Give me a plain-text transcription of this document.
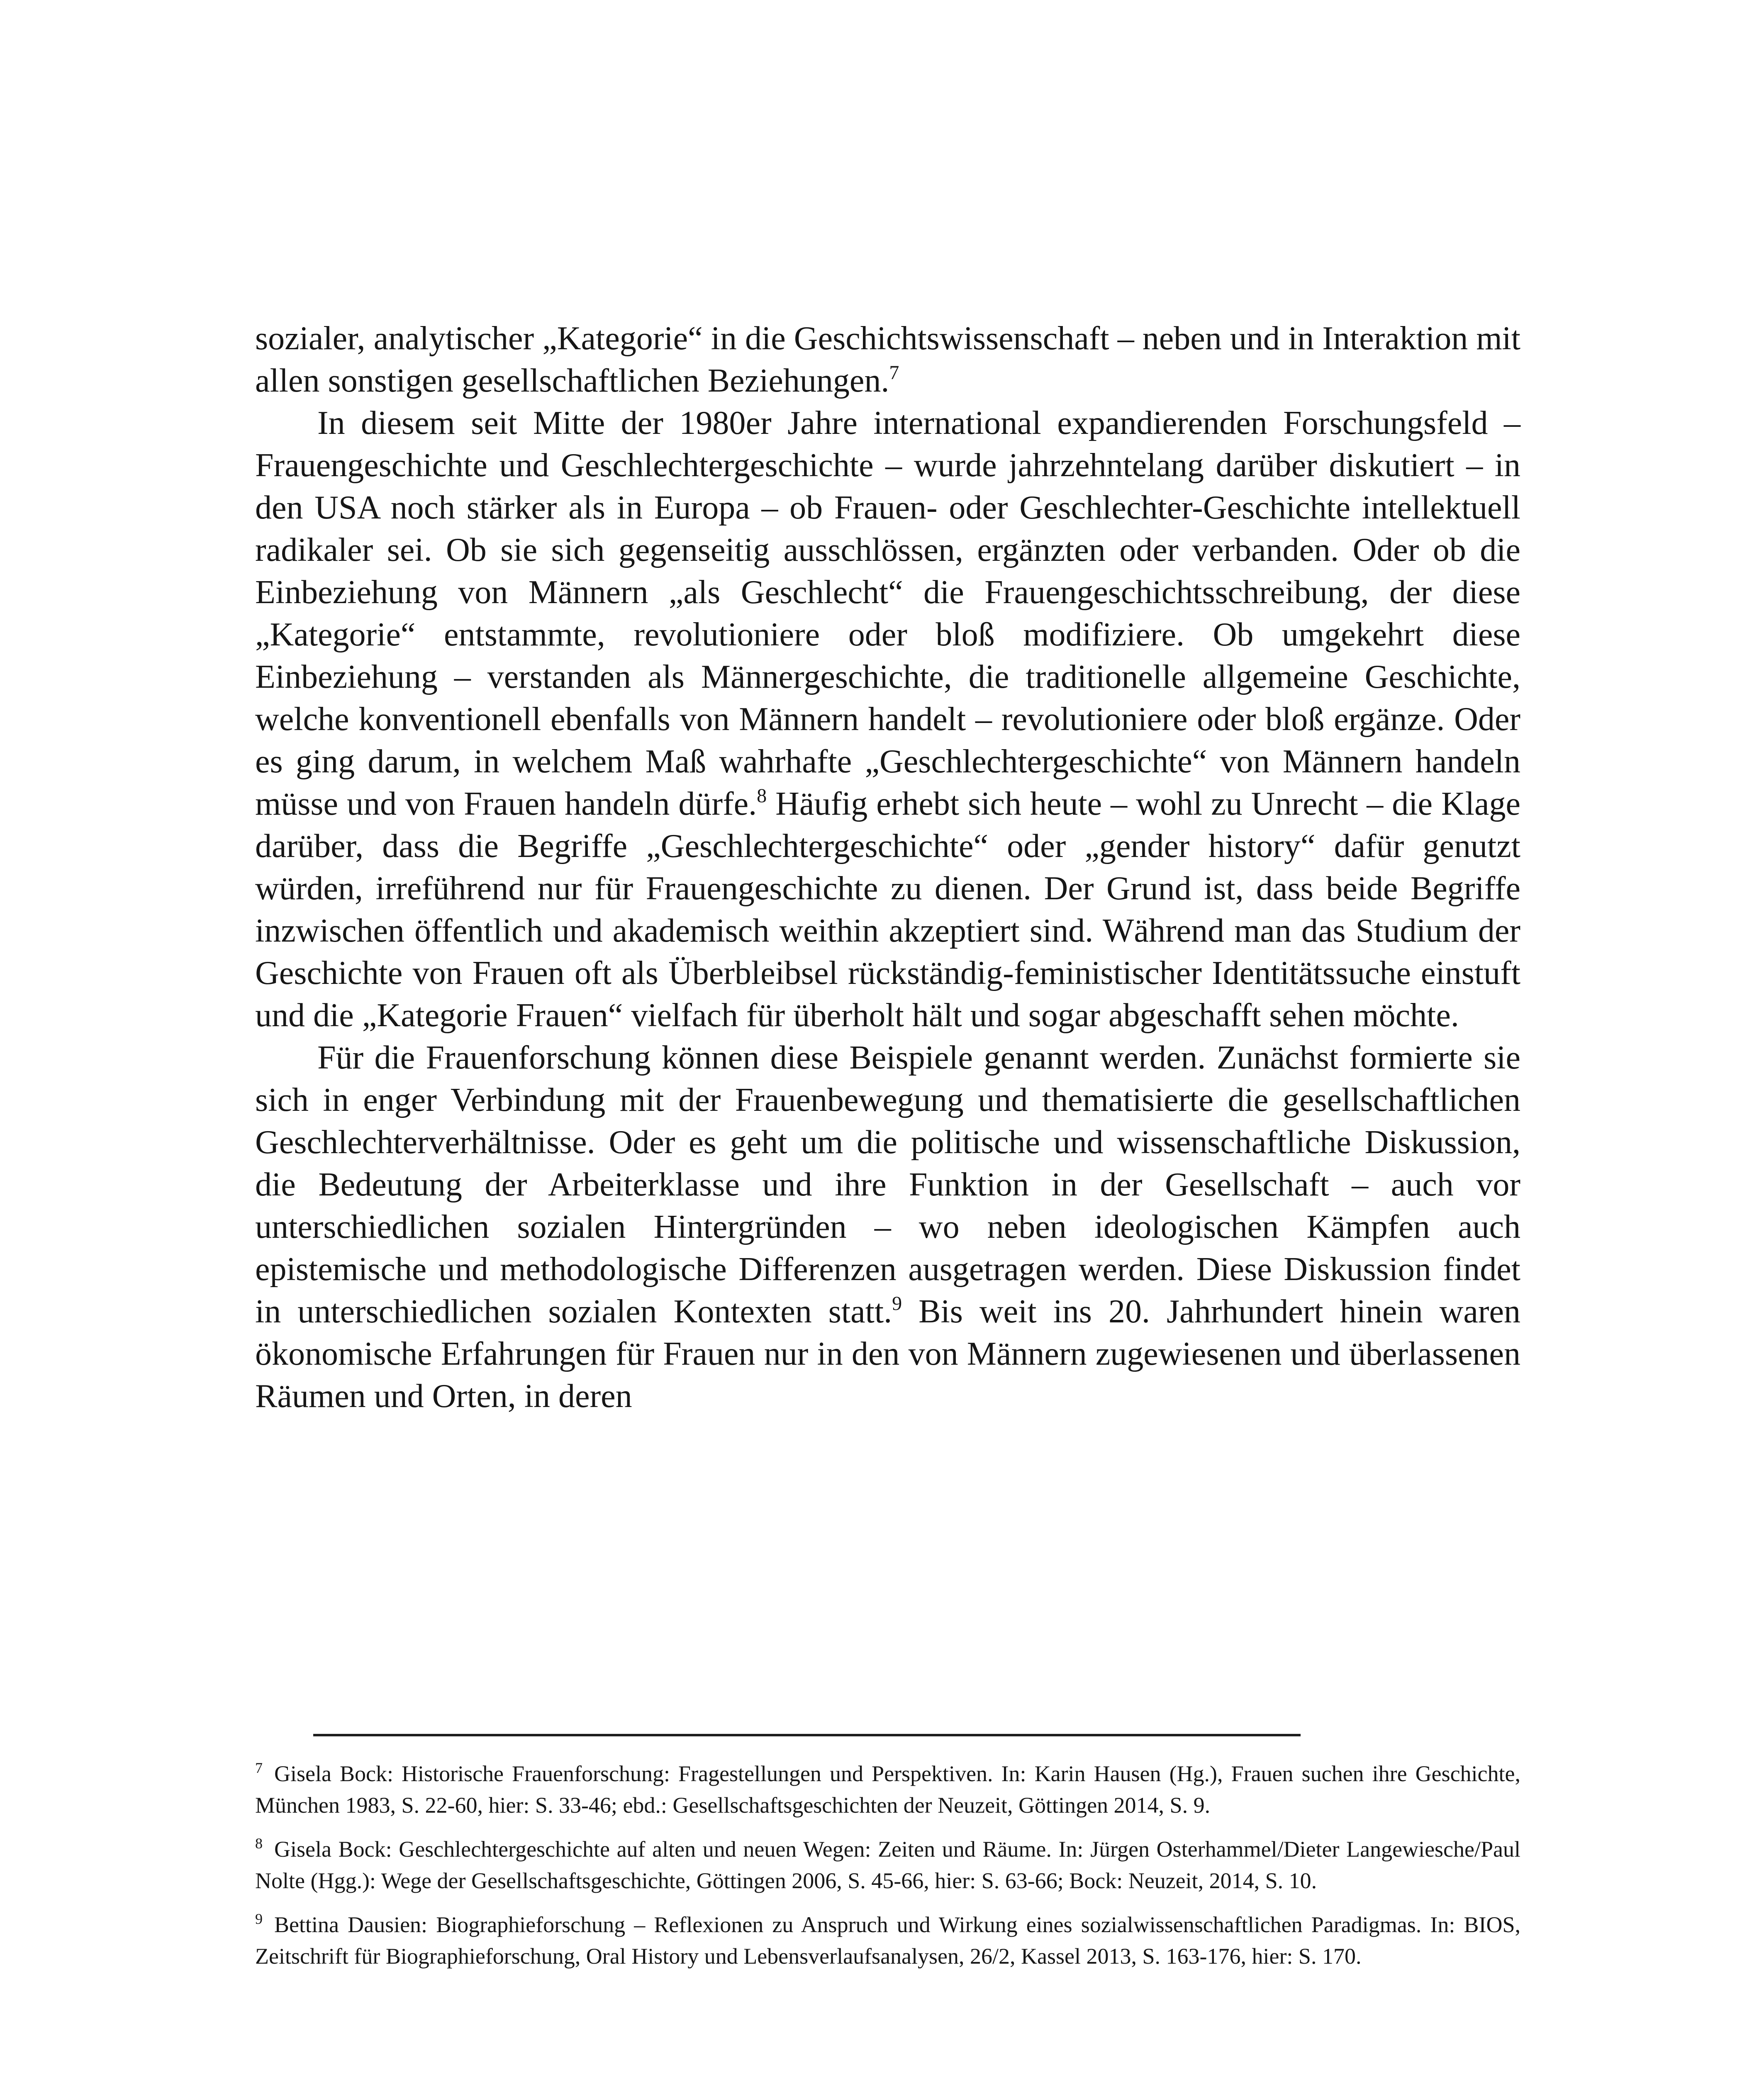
sozialer, analytischer „Kategorie“ in die Geschichtswissenschaft – neben und in Interaktion mit allen sonstigen gesellschaftlichen Beziehungen.$^7$

In diesem seit Mitte der 1980er Jahre international expandierenden Forschungsfeld – Frauengeschichte und Geschlechtergeschichte – wurde jahrzehntelang darüber diskutiert – in den USA noch stärker als in Europa – ob Frauen- oder Geschlechter-Geschichte intellektuell radikaler sei. Ob sie sich gegenseitig ausschlössen, ergänzten oder verbanden. Oder ob die Einbeziehung von Männern „als Geschlecht“ die Frauengeschichtsschreibung, der diese „Kategorie“ entstammte, revolutioniere oder bloß modifiziere. Ob umgekehrt diese Einbeziehung – verstanden als Männergeschichte, die traditionelle allgemeine Geschichte, welche konventionell ebenfalls von Männern handelt – revolutioniere oder bloß ergänze. Oder es ging darum, in welchem Maß wahrhafte „Geschlechtergeschichte“ von Männern handeln müsse und von Frauen handeln dürfe.$^8$ Häufig erhebt sich heute – wohl zu Unrecht – die Klage darüber, dass die Begriffe „Geschlechtergeschichte“ oder „gender history“ dafür genutzt würden, irreführend nur für Frauengeschichte zu dienen. Der Grund ist, dass beide Begriffe inzwischen öffentlich und akademisch weithin akzeptiert sind. Während man das Studium der Geschichte von Frauen oft als Überbleibsel rückständig-feministischer Identitätssuche einstuft und die „Kategorie Frauen“ vielfach für überholt hält und sogar abgeschafft sehen möchte.

Für die Frauenforschung können diese Beispiele genannt werden. Zunächst formierte sie sich in enger Verbindung mit der Frauenbewegung und thematisierte die gesellschaftlichen Geschlechterverhältnisse. Oder es geht um die politische und wissenschaftliche Diskussion, die Bedeutung der Arbeiterklasse und ihre Funktion in der Gesellschaft – auch vor unterschiedlichen sozialen Hintergründen – wo neben ideologischen Kämpfen auch epistemische und methodologische Differenzen ausgetragen werden. Diese Diskussion findet in unterschiedlichen sozialen Kontexten statt.$^9$ Bis weit ins 20. Jahrhundert hinein waren ökonomische Erfahrungen für Frauen nur in den von Männern zugewiesenen und überlassenen Räumen und Orten, in deren

$^7$ Gisela Bock: Historische Frauenforschung: Fragestellungen und Perspektiven. In: Karin Hausen (Hg.), Frauen suchen ihre Geschichte, München 1983, S. 22-60, hier: S. 33-46; ebd.: Gesellschaftsgeschichten der Neuzeit, Göttingen 2014, S. 9.

$^8$ Gisela Bock: Geschlechtergeschichte auf alten und neuen Wegen: Zeiten und Räume. In: Jürgen Osterhammel/Dieter Langewiesche/Paul Nolte (Hgg.): Wege der Gesellschaftsgeschichte, Göttingen 2006, S. 45-66, hier: S. 63-66; Bock: Neuzeit, 2014, S. 10.

$^9$ Bettina Dausien: Biographieforschung – Reflexionen zu Anspruch und Wirkung eines sozialwissenschaftlichen Paradigmas. In: BIOS, Zeitschrift für Biographieforschung, Oral History und Lebensverlaufsanalysen, 26/2, Kassel 2013, S. 163-176, hier: S. 170.
